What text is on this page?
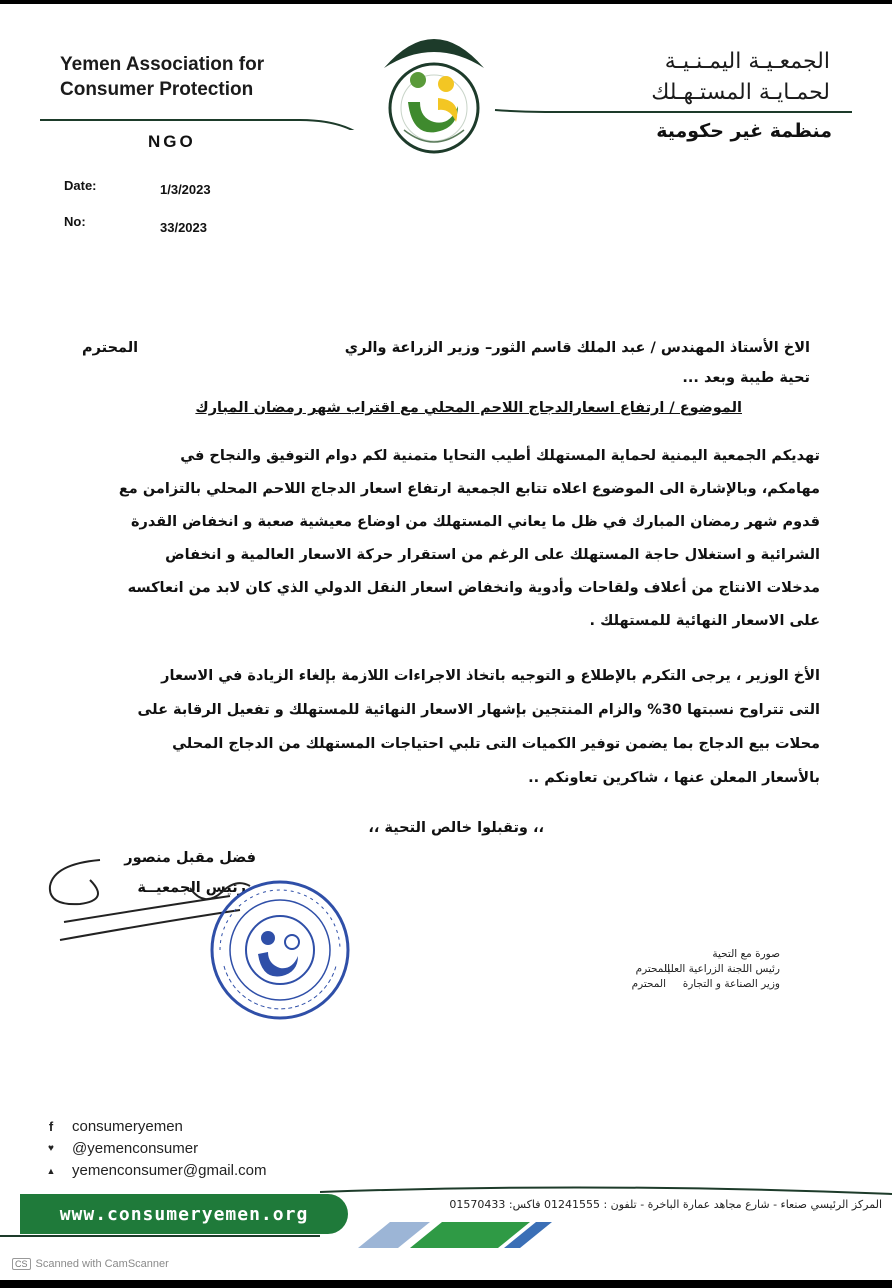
Yemen Association for
Consumer Protection
الجمعـيـة اليمـنـيـة
لحمـايـة المستـهـلك
NGO	منظمة غير حكومية
Date:	1/3/2023
No:	33/2023
الاخ الأستاذ المهندس / عبد الملك قاسم الثور– وزير الزراعة والري
المحترم
تحية طيبة وبعد ...
الموضوع / ارتفاع اسعارالدجاج اللاحم المحلي مع اقتراب شهر رمضان المبارك
تهديكم الجمعية اليمنية لحماية المستهلك أطيب التحايا متمنية لكم دوام التوفيق والنجاح في
مهامكم، وبالإشارة الى الموضوع اعلاه تتابع الجمعية ارتفاع اسعار الدجاج اللاحم المحلي بالتزامن مع
قدوم شهر رمضان المبارك في ظل ما يعاني المستهلك من اوضاع معيشية صعبة و انخفاض القدرة
الشرائية و استغلال حاجة المستهلك على الرغم من استقرار حركة الاسعار العالمية و انخفاض
مدخلات الانتاج من أعلاف ولقاحات وأدوية وانخفاض اسعار النقل الدولي الذي كان لابد من انعاكسه
على الاسعار النهائية للمستهلك .
الأخ الوزير ، يرجى التكرم بالإطلاع و التوجيه باتخاذ الاجراءات اللازمة بإلغاء الزيادة في الاسعار
التى تتراوح نسبتها 30% والزام المنتجين بإشهار الاسعار النهائية للمستهلك و تفعيل الرقابة على
محلات بيع الدجاج بما يضمن توفير الكميات التى تلبي احتياجات المستهلك من الدجاج المحلي
بالأسعار المعلن عنها ، شاكرين تعاونكم ..
،، وتقبلوا خالص التحية ،،
فضل مقبل منصور
رئيس الجمعيــة
صورة مع التحية
رئيس اللجنة الزراعية العليا
المحترم
وزير الصناعة و التجارة
المحترم
f	consumeryemen
♥ @yemenconsumer
▲ yemenconsumer@gmail.com
www.consumeryemen.org	المركز الرئيسي صنعاء - شارع مجاهد عمارة الباخرة - تلفون : 01241555 فاكس: 01570433
CS Scanned with CamScanner
